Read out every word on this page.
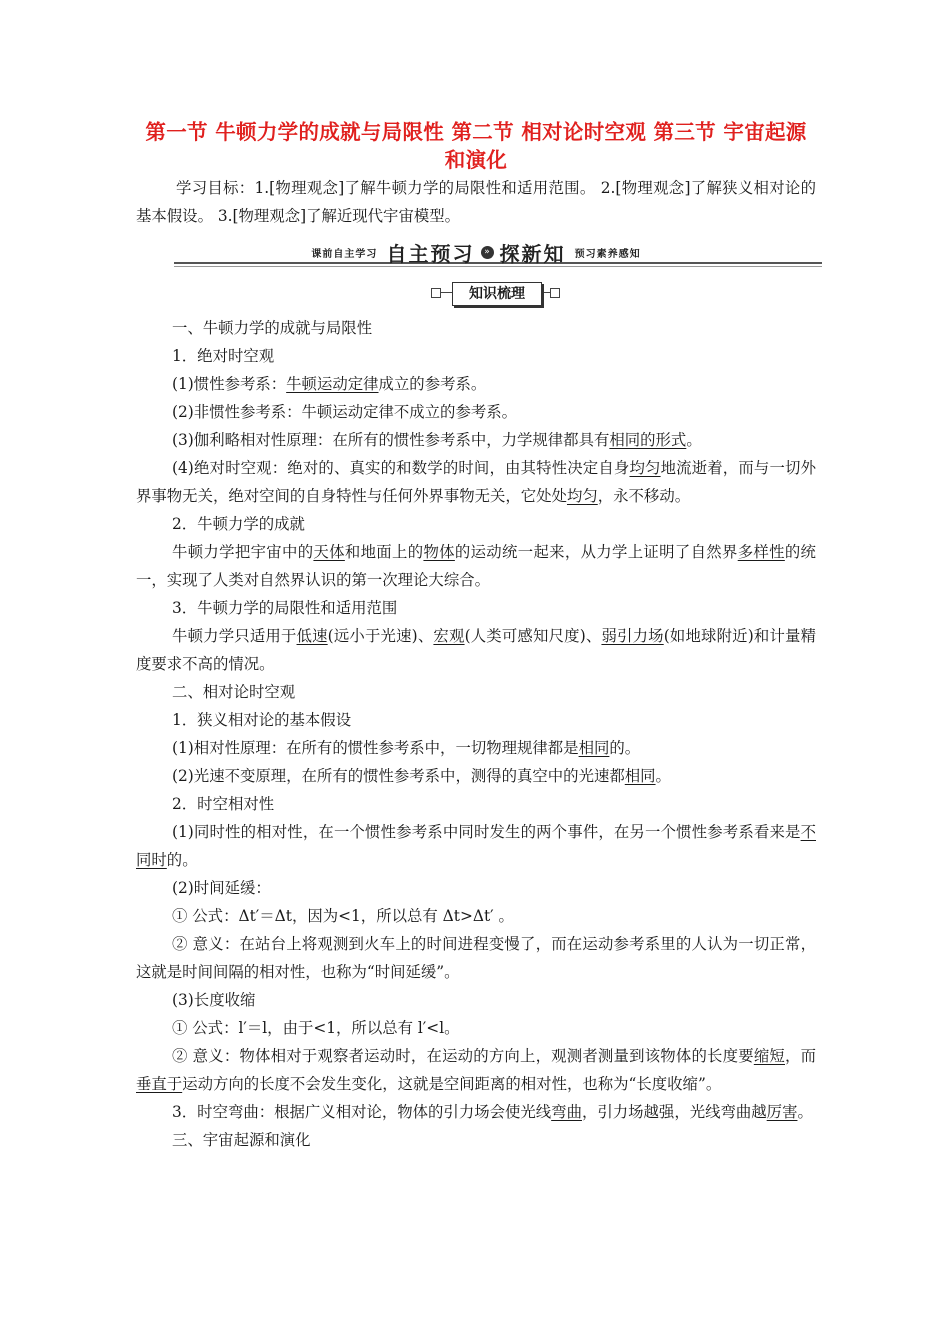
第一节 牛顿力学的成就与局限性 第二节 相对论时空观 第三节 宇宙起源和演化

学习目标：1.[物理观念]了解牛顿力学的局限性和适用范围。 2.[物理观念]了解狭义相对论的基本假设。 3.[物理观念]了解近现代宇宙模型。

课前自主学习 自主预习 » 探新知 预习素养感知
知识梳理

一、牛顿力学的成就与局限性

1．绝对时空观

(1)惯性参考系：牛顿运动定律成立的参考系。

(2)非惯性参考系：牛顿运动定律不成立的参考系。

(3)伽利略相对性原理：在所有的惯性参考系中，力学规律都具有相同的形式。

(4)绝对时空观：绝对的、真实的和数学的时间，由其特性决定自身均匀地流逝着，而与一切外界事物无关，绝对空间的自身特性与任何外界事物无关，它处处均匀，永不移动。

2．牛顿力学的成就

牛顿力学把宇宙中的天体和地面上的物体的运动统一起来，从力学上证明了自然界多样性的统一，实现了人类对自然界认识的第一次理论大综合。

3．牛顿力学的局限性和适用范围

牛顿力学只适用于低速(远小于光速)、宏观(人类可感知尺度)、弱引力场(如地球附近)和计量精度要求不高的情况。

二、相对论时空观

1．狭义相对论的基本假设

(1)相对性原理：在所有的惯性参考系中，一切物理规律都是相同的。

(2)光速不变原理，在所有的惯性参考系中，测得的真空中的光速都相同。

2．时空相对性

(1)同时性的相对性，在一个惯性参考系中同时发生的两个事件，在另一个惯性参考系看来是不同时的。

(2)时间延缓：

① 公式：Δt′＝Δt，因为<1，所以总有 Δt>Δt′ 。

② 意义：在站台上将观测到火车上的时间进程变慢了，而在运动参考系里的人认为一切正常，这就是时间间隔的相对性，也称为“时间延缓”。

(3)长度收缩

① 公式：l′＝l，由于<1，所以总有 l′<l。

② 意义：物体相对于观察者运动时，在运动的方向上，观测者测量到该物体的长度要缩短，而垂直于运动方向的长度不会发生变化，这就是空间距离的相对性，也称为“长度收缩”。

3．时空弯曲：根据广义相对论，物体的引力场会使光线弯曲，引力场越强，光线弯曲越厉害。

三、宇宙起源和演化
